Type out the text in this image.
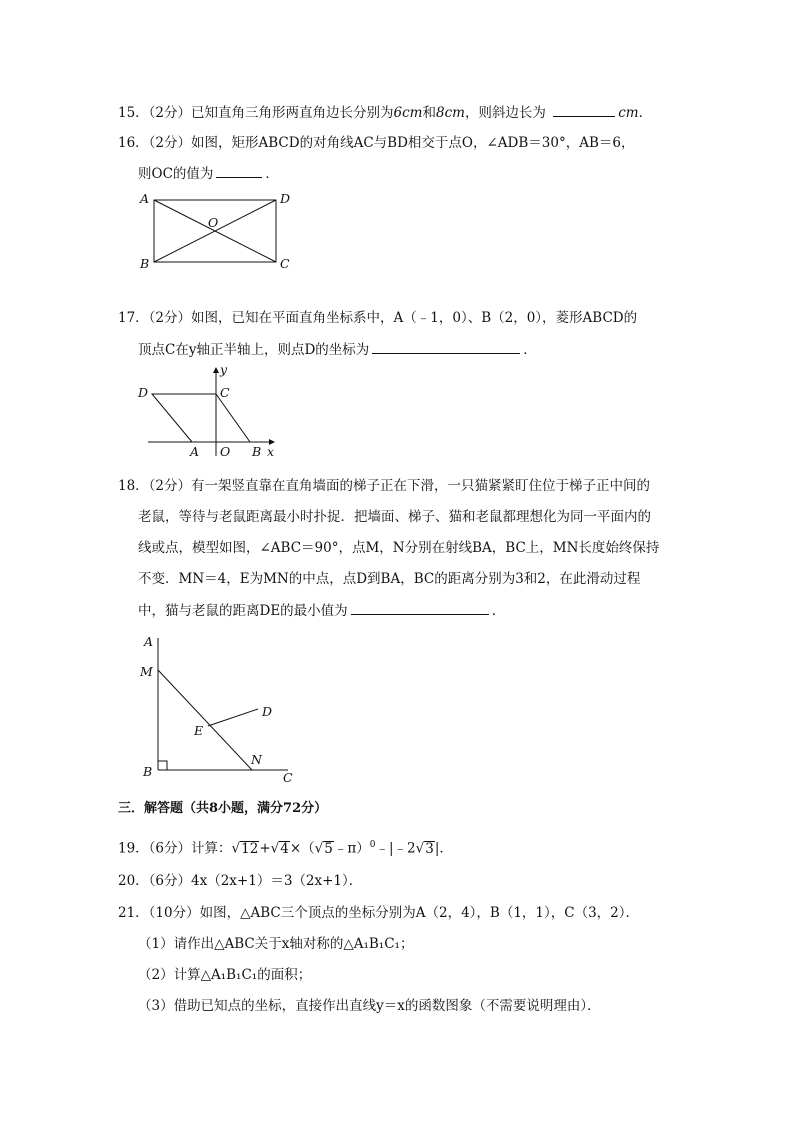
15．（2分）已知直角三角形两直角边长分别为6cm和8cm，则斜边长为	cm．
16．（2分）如图，矩形ABCD的对角线AC与BD相交于点O，∠ADB＝30°，AB＝6，
则OC的值为	．
A	D
B	C
O
17．（2分）如图，已知在平面直角坐标系中，A（﹣1，0）、B（2，0），菱形ABCD的
顶点C在y轴正半轴上，则点D的坐标为	．
y
D	C
A O B x
18．（2分）有一架竖直靠在直角墙面的梯子正在下滑，一只猫紧紧盯住位于梯子正中间的
老鼠，等待与老鼠距离最小时扑捉．把墙面、梯子、猫和老鼠都理想化为同一平面内的
线或点，模型如图，∠ABC＝90°，点M，N分别在射线BA，BC上，MN长度始终保持
不变．MN＝4，E为MN的中点，点D到BA，BC的距离分别为3和2，在此滑动过程
中，猫与老鼠的距离DE的最小值为	．
A
M
D
E
N
B	C
三．解答题（共8小题，满分72分）
19．（6分）计算：√12+√4×（√5﹣π）$^0$﹣|﹣2√3|．
20．（6分）4x（2x+1）＝3（2x+1）．
21．（10分）如图，△ABC三个顶点的坐标分别为A（2，4），B（1，1），C（3，2）．
（1）请作出△ABC关于x轴对称的△A₁B₁C₁；
（2）计算△A₁B₁C₁的面积；
（3）借助已知点的坐标，直接作出直线y＝x的函数图象（不需要说明理由）．
